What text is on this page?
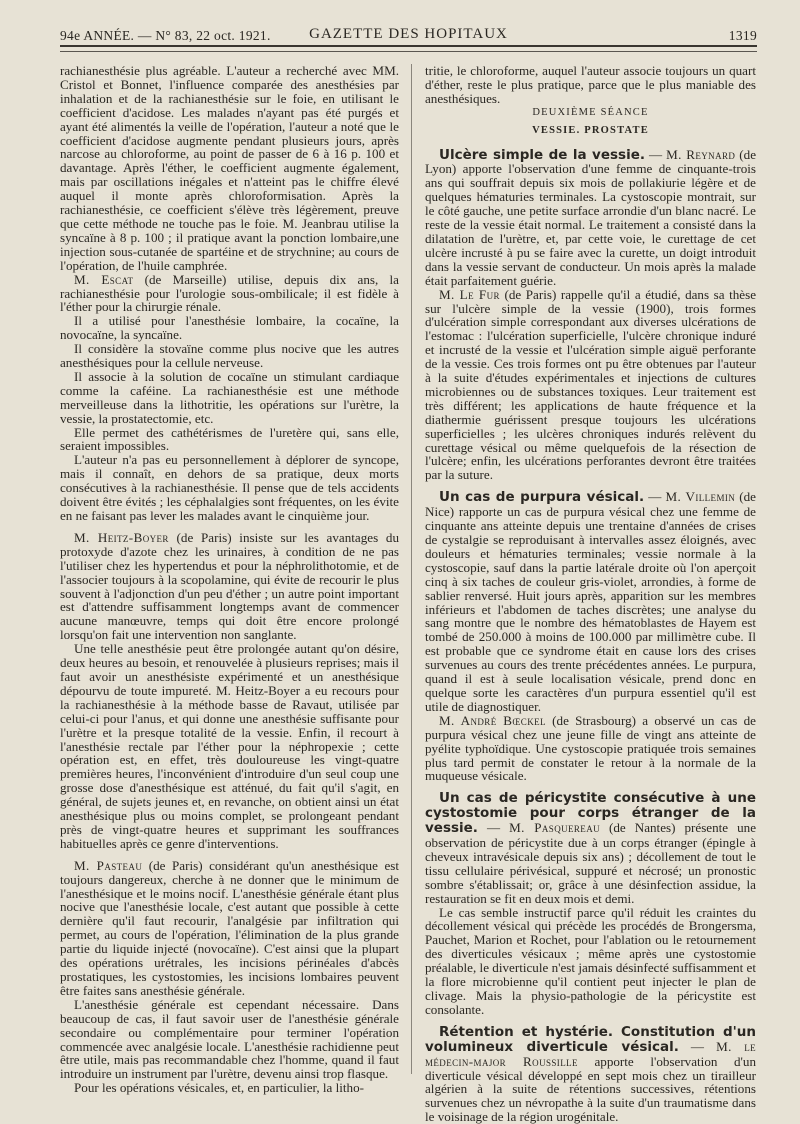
94e ANNÉE. — N° 83, 22 oct. 1921.	GAZETTE DES HOPITAUX	1319

rachianesthésie plus agréable. L'auteur a recherché avec MM. Cristol et Bonnet, l'influence comparée des anesthésies par inhalation et de la rachianesthésie sur le foie, en utilisant le coefficient d'acidose. Les malades n'ayant pas été purgés et ayant été alimentés la veille de l'opération, l'auteur a noté que le coefficient d'acidose augmente pendant plusieurs jours, après narcose au chloroforme, au point de passer de 6 à 16 p. 100 et davantage. Après l'éther, le coefficient augmente également, mais par oscillations inégales et n'atteint pas le chiffre élevé auquel il monte après chloroformisation. Après la rachianesthésie, ce coefficient s'élève très légèrement, preuve que cette méthode ne touche pas le foie. M. Jeanbrau utilise la syncaïne à 8 p. 100 ; il pratique avant la ponction lombaire,une injection sous-cutanée de spartéine et de strychnine; au cours de l'opération, de l'huile camphrée.

M. Escat (de Marseille) utilise, depuis dix ans, la rachianesthésie pour l'urologie sous-ombilicale; il est fidèle à l'éther pour la chirurgie rénale.

Il a utilisé pour l'anesthésie lombaire, la cocaïne, la novocaïne, la syncaïne.

Il considère la stovaïne comme plus nocive que les autres anesthésiques pour la cellule nerveuse.

Il associe à la solution de cocaïne un stimulant cardiaque comme la caféine. La rachianesthésie est une méthode merveilleuse dans la lithotritie, les opérations sur l'urètre, la vessie, la prostatectomie, etc.

Elle permet des cathétérismes de l'uretère qui, sans elle, seraient impossibles.

L'auteur n'a pas eu personnellement à déplorer de syncope, mais il connaît, en dehors de sa pratique, deux morts consécutives à la rachianesthésie. Il pense que de tels accidents doivent être évités ; les céphalalgies sont fréquentes, on les évite en ne faisant pas lever les malades avant le cinquième jour.

M. Heitz-Boyer (de Paris) insiste sur les avantages du protoxyde d'azote chez les urinaires, à condition de ne pas l'utiliser chez les hypertendus et pour la néphrolithotomie, et de l'associer toujours à la scopolamine, qui évite de recourir le plus souvent à l'adjonction d'un peu d'éther ; un autre point important est d'attendre suffisamment longtemps avant de commencer aucune manœuvre, temps qui doit être encore prolongé lorsqu'on fait une intervention non sanglante.

Une telle anesthésie peut être prolongée autant qu'on désire, deux heures au besoin, et renouvelée à plusieurs reprises; mais il faut avoir un anesthésiste expérimenté et un anesthésique dépourvu de toute impureté. M. Heitz-Boyer a eu recours pour la rachianesthésie à la méthode basse de Ravaut, utilisée par celui-ci pour l'anus, et qui donne une anesthésie suffisante pour l'urètre et la presque totalité de la vessie. Enfin, il recourt à l'anesthésie rectale par l'éther pour la néphropexie ; cette opération est, en effet, très douloureuse les vingt-quatre premières heures, l'inconvénient d'introduire d'un seul coup une grosse dose d'anesthésique est atténué, du fait qu'il s'agit, en général, de sujets jeunes et, en revanche, on obtient ainsi un état anesthésique plus ou moins complet, se prolongeant pendant près de vingt-quatre heures et supprimant les souffrances habituelles après ce genre d'interventions.

M. Pasteau (de Paris) considérant qu'un anesthésique est toujours dangereux, cherche à ne donner que le minimum de l'anesthésique et le moins nocif. L'anesthésie générale étant plus nocive que l'anesthésie locale, c'est autant que possible à cette dernière qu'il faut recourir, l'analgésie par infiltration qui permet, au cours de l'opération, l'élimination de la plus grande partie du liquide injecté (novocaïne). C'est ainsi que la plupart des opérations urétrales, les incisions périnéales d'abcès prostatiques, les cystostomies, les incisions lombaires peuvent être faites sans anesthésie générale.

L'anesthésie générale est cependant nécessaire. Dans beaucoup de cas, il faut savoir user de l'anesthésie générale secondaire ou complémentaire pour terminer l'opération commencée avec analgésie locale. L'anesthésie rachidienne peut être utile, mais pas recommandable chez l'homme, quand il faut introduire un instrument par l'urètre, devenu ainsi trop flasque.

Pour les opérations vésicales, et, en particulier, la litho-

tritie, le chloroforme, auquel l'auteur associe toujours un quart d'éther, reste le plus pratique, parce que le plus maniable des anesthésiques.

DEUXIÈME SÉANCE

VESSIE. PROSTATE

Ulcère simple de la vessie. — M. Reynard (de Lyon) apporte l'observation d'une femme de cinquante-trois ans qui souffrait depuis six mois de pollakiurie légère et de quelques hématuries terminales. La cystoscopie montrait, sur le côté gauche, une petite surface arrondie d'un blanc nacré. Le reste de la vessie était normal. Le traitement a consisté dans la dilatation de l'urètre, et, par cette voie, le curettage de cet ulcère incrusté à pu se faire avec la curette, un doigt introduit dans la vessie servant de conducteur. Un mois après la malade était parfaitement guérie.

M. Le Fur (de Paris) rappelle qu'il a étudié, dans sa thèse sur l'ulcère simple de la vessie (1900), trois formes d'ulcération simple correspondant aux diverses ulcérations de l'estomac : l'ulcération superficielle, l'ulcère chronique induré et incrusté de la vessie et l'ulcération simple aiguë perforante de la vessie. Ces trois formes ont pu être obtenues par l'auteur à la suite d'études expérimentales et injections de cultures microbiennes ou de substances toxiques. Leur traitement est très différent; les applications de haute fréquence et la diathermie guérissent presque toujours les ulcérations superficielles ; les ulcères chroniques indurés relèvent du curettage vésical ou même quelquefois de la résection de l'ulcère; enfin, les ulcérations perforantes devront être traitées par la suture.

Un cas de purpura vésical. — M. Villemin (de Nice) rapporte un cas de purpura vésical chez une femme de cinquante ans atteinte depuis une trentaine d'années de crises de cystalgie se reproduisant à intervalles assez éloignés, avec douleurs et hématuries terminales; vessie normale à la cystoscopie, sauf dans la partie latérale droite où l'on aperçoit cinq à six taches de couleur gris-violet, arrondies, à forme de sablier renversé. Huit jours après, apparition sur les membres inférieurs et l'abdomen de taches discrètes; une analyse du sang montre que le nombre des hématoblastes de Hayem est tombé de 250.000 à moins de 100.000 par millimètre cube. Il est probable que ce syndrome était en cause lors des crises survenues au cours des trente précédentes années. Le purpura, quand il est à seule localisation vésicale, prend donc en quelque sorte les caractères d'un purpura essentiel qu'il est utile de diagnostiquer.

M. André Bœckel (de Strasbourg) a observé un cas de purpura vésical chez une jeune fille de vingt ans atteinte de pyélite typhoïdique. Une cystoscopie pratiquée trois semaines plus tard permit de constater le retour à la normale de la muqueuse vésicale.

Un cas de péricystite consécutive à une cystostomie pour corps étranger de la vessie. — M. Pasquereau (de Nantes) présente une observation de péricystite due à un corps étranger (épingle à cheveux intravésicale depuis six ans) ; décollement de tout le tissu cellulaire périvésical, suppuré et nécrosé; un pronostic sombre s'établissait; or, grâce à une désinfection assidue, la restauration se fit en deux mois et demi.

Le cas semble instructif parce qu'il réduit les craintes du décollement vésical qui précède les procédés de Brongersma, Pauchet, Marion et Rochet, pour l'ablation ou le retournement des diverticules vésicaux ; même après une cystostomie préalable, le diverticule n'est jamais désinfecté suffisamment et la flore microbienne qu'il contient peut injecter le plan de clivage. Mais la physio-pathologie de la péricystite est consolante.

Rétention et hystérie. Constitution d'un volumineux diverticule vésical. — M. le médecin-major Roussille apporte l'observation d'un diverticule vésical développé en sept mois chez un tirailleur algérien à la suite de rétentions successives, rétentions survenues chez un névropathe à la suite d'un traumatisme dans le voisinage de la région urogénitale.
